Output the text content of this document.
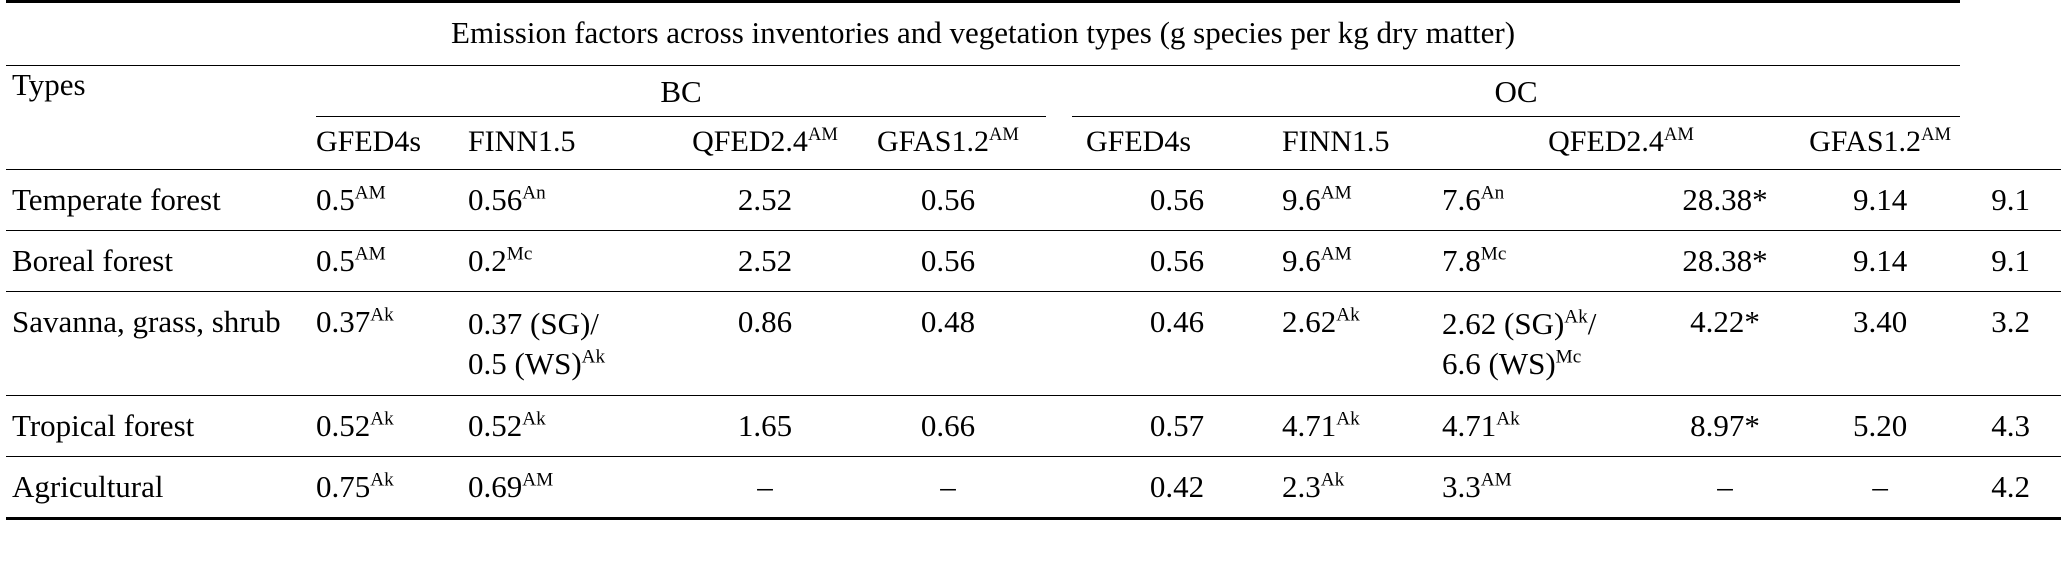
Emission factors across inventories and vegetation types (g species per kg dry matter)											
Types	BC					OC					

	GFED4s	FINN1.5	$QFED2.4^{AM}$	$GFAS1.2^{AM}$		GFED4s	FINN1.5	$QFED2.4^{AM}$		$GFAS1.2^{AM}$
Temperate forest	$0.5^{AM}$	$0.56^{An}$	2.52	0.56		0.56	$9.6^{AM}$	$7.6^{An}$	28.38*	9.14	9.1
Boreal forest	$0.5^{AM}$	$0.2^{Mc}$	2.52	0.56		0.56	$9.6^{AM}$	$7.8^{Mc}$	28.38*	9.14	9.1
Savanna, grass, shrub	$0.37^{Ak}$	0.37 (SG)/
0.5 (WS)$^{Ak}$	0.86	0.48		0.46	$2.62^{Ak}$	2.62 (SG)$^{Ak}$/
6.6 (WS)$^{Mc}$	4.22*	3.40	3.2
Tropical forest	$0.52^{Ak}$	$0.52^{Ak}$	1.65	0.66		0.57	$4.71^{Ak}$	$4.71^{Ak}$	8.97*	5.20	4.3
Agricultural	$0.75^{Ak}$	$0.69^{AM}$	–	–		0.42	$2.3^{Ak}$	$3.3^{AM}$	–	–	4.2
